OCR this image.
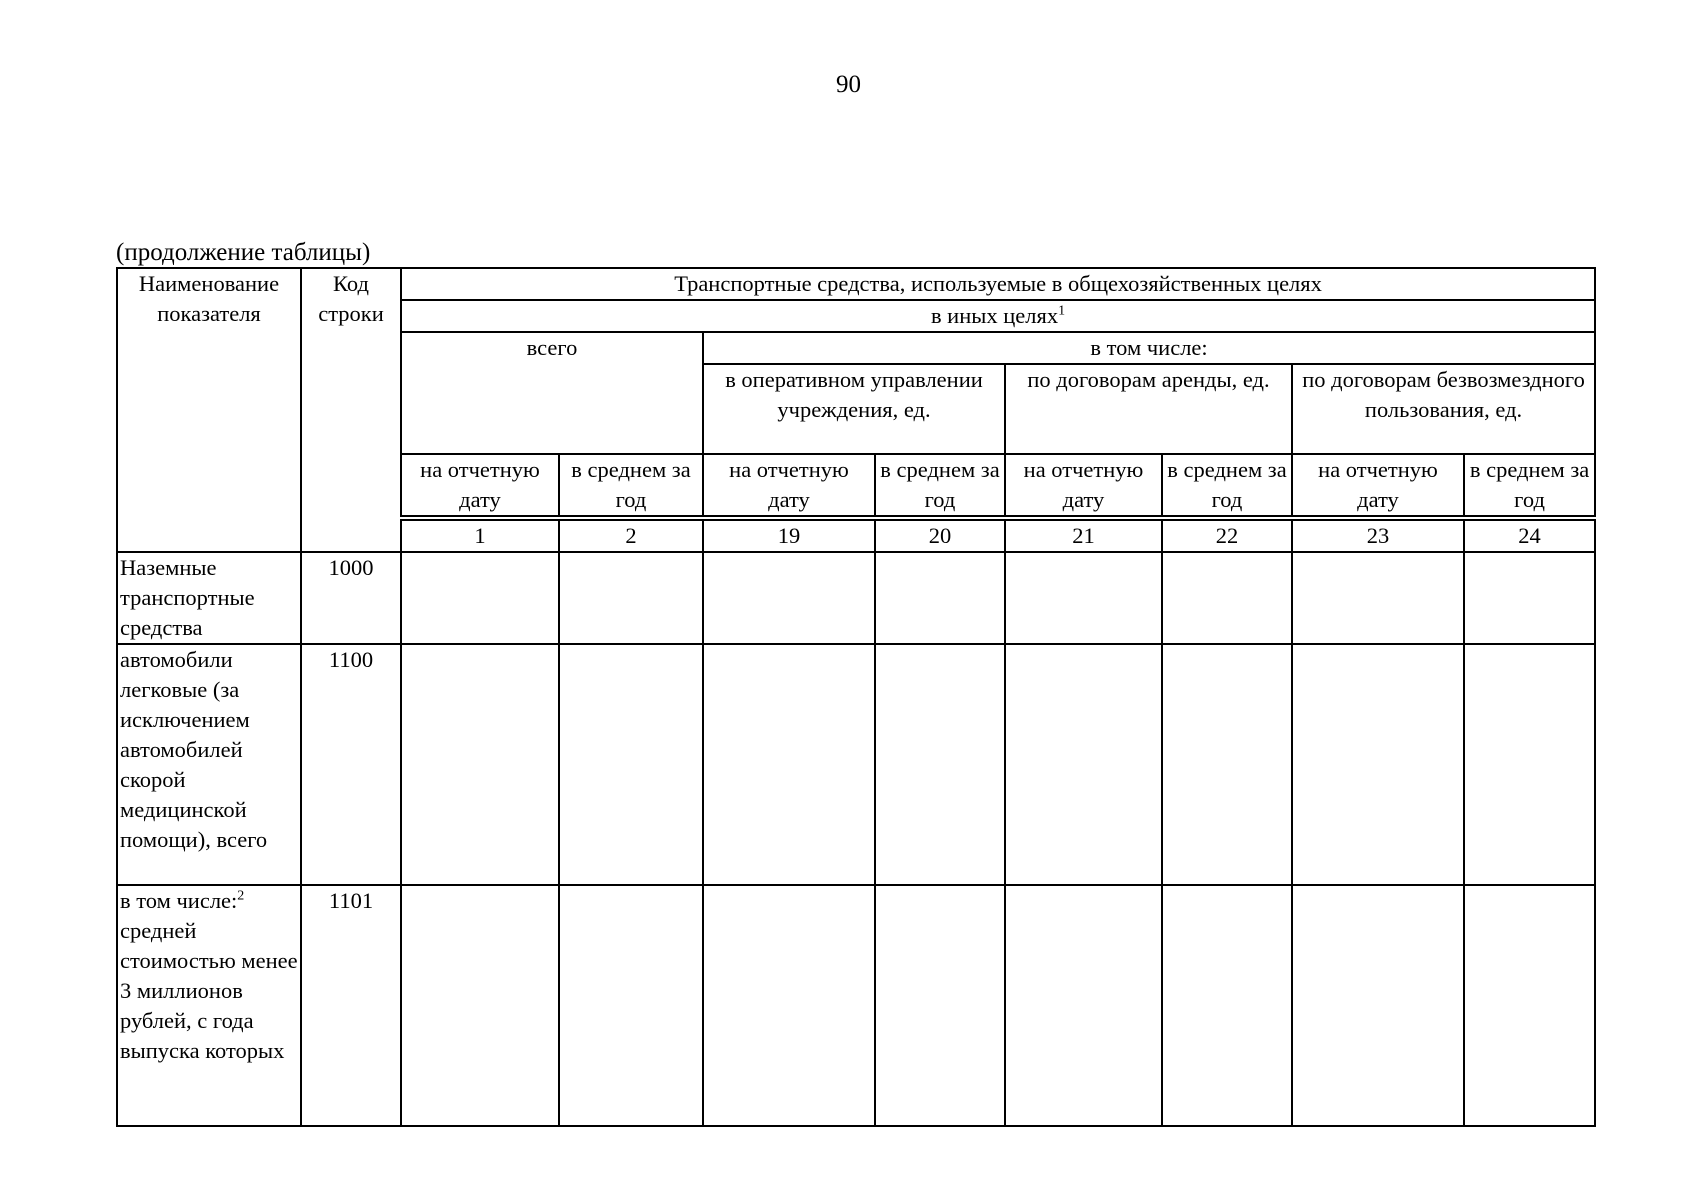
90
(продолжение таблицы)
Наименование показателя	Код строки	Транспортные средства, используемые в общехозяйственных целях								
		в иных целях$^1$
		всего		в том числе:						
				в оперативном управлении учреждения, ед.		по договорам аренды, ед.		по договорам безвозмездного пользования, ед.		
		на отчетную дату	в среднем за год	на отчетную дату	в среднем за год	на отчетную дату	в среднем за год	на отчетную дату	в среднем за год	
		1	2	19	20	21	22	23	24		
Наземные транспортные средства	1000									
автомобили легковые (за исключением автомобилей скорой медицинской помощи), всего	1100									
в том числе:$^2$ средней стоимостью менее 3 миллионов рублей, с года выпуска которых	1101									
